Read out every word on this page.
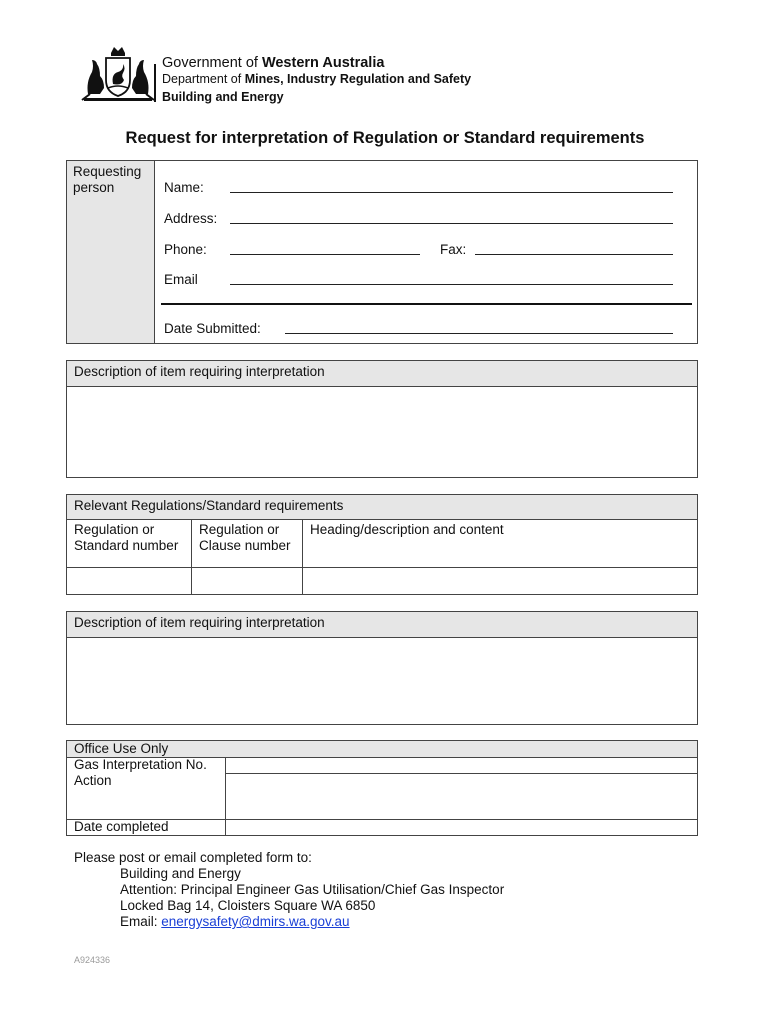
Government of Western Australia
Department of Mines, Industry Regulation and Safety
Building and Energy
Request for interpretation of Regulation or Standard requirements
Requesting person	Name:
Address:
Phone:	Fax:
Email
Date Submitted:
Description of item requiring interpretation
Relevant Regulations/Standard requirements
Regulation or Standard number
Regulation or Clause number
Heading/description and content
Description of item requiring interpretation
Office Use Only
Gas Interpretation No.
Action
Date completed
Please post or email completed form to:
Building and Energy
Attention: Principal Engineer Gas Utilisation/Chief Gas Inspector
Locked Bag 14, Cloisters Square WA 6850
Email: energysafety@dmirs.wa.gov.au
A924336
